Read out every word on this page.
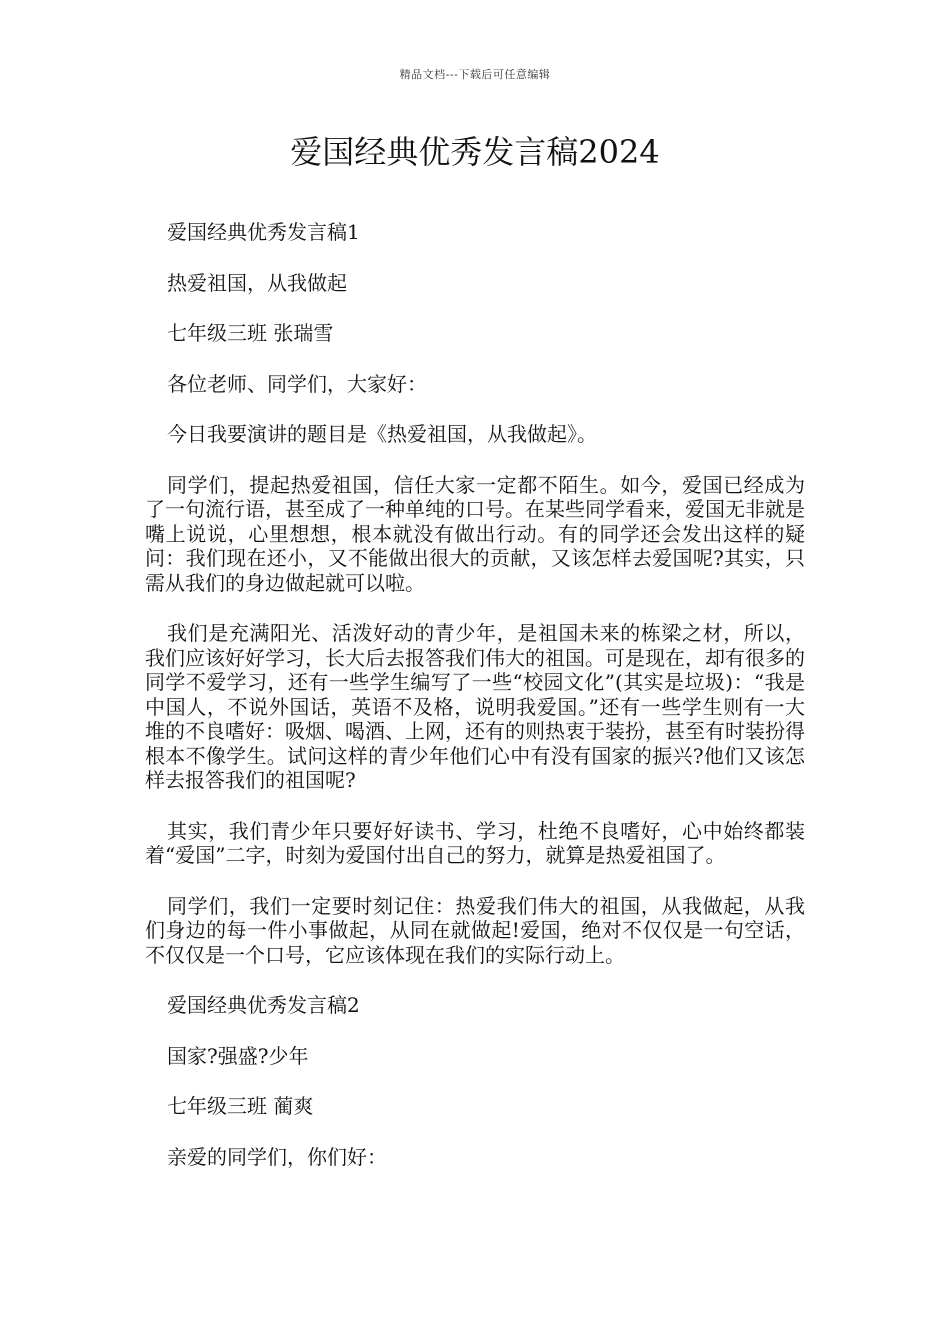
精品文档---下载后可任意编辑
爱国经典优秀发言稿2024

爱国经典优秀发言稿1

热爱祖国，从我做起

七年级三班 张瑞雪

各位老师、同学们，大家好：

今日我要演讲的题目是《热爱祖国，从我做起》。

同学们，提起热爱祖国，信任大家一定都不陌生。如今，爱国已经成为了一句流行语，甚至成了一种单纯的口号。在某些同学看来，爱国无非就是嘴上说说，心里想想，根本就没有做出行动。有的同学还会发出这样的疑问：我们现在还小，又不能做出很大的贡献，又该怎样去爱国呢?其实，只需从我们的身边做起就可以啦。

我们是充满阳光、活泼好动的青少年，是祖国未来的栋梁之材，所以，我们应该好好学习，长大后去报答我们伟大的祖国。可是现在，却有很多的同学不爱学习，还有一些学生编写了一些“校园文化”(其实是垃圾)：“我是中国人，不说外国话，英语不及格，说明我爱国。”还有一些学生则有一大堆的不良嗜好：吸烟、喝酒、上网，还有的则热衷于装扮，甚至有时装扮得根本不像学生。试问这样的青少年他们心中有没有国家的振兴?他们又该怎样去报答我们的祖国呢?

其实，我们青少年只要好好读书、学习，杜绝不良嗜好，心中始终都装着“爱国”二字，时刻为爱国付出自己的努力，就算是热爱祖国了。

同学们，我们一定要时刻记住：热爱我们伟大的祖国，从我做起，从我们身边的每一件小事做起，从同在就做起!爱国，绝对不仅仅是一句空话，不仅仅是一个口号，它应该体现在我们的实际行动上。

爱国经典优秀发言稿2

国家?强盛?少年

七年级三班 蔺爽

亲爱的同学们，你们好：
